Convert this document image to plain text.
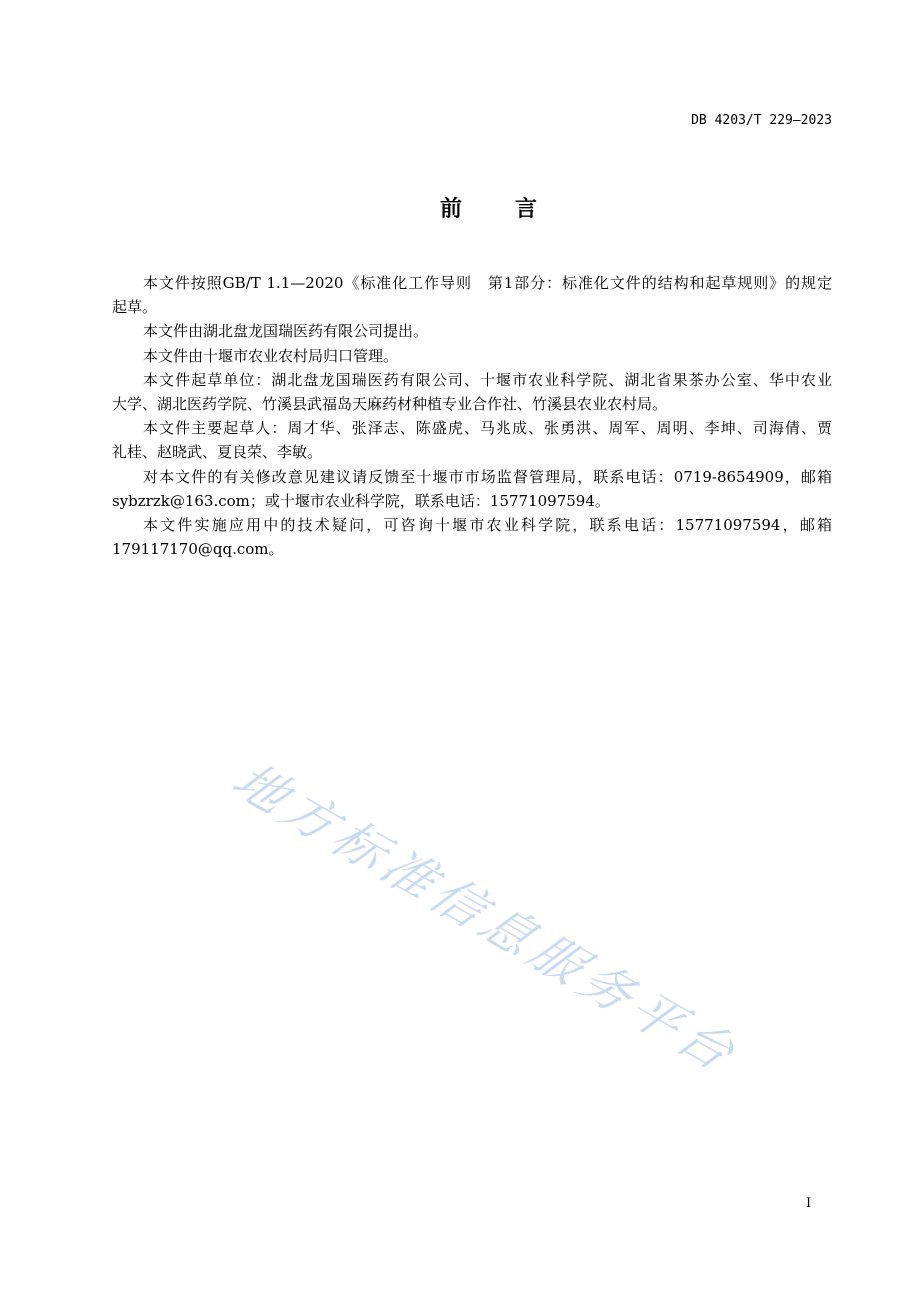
DB 4203/T 229—2023
前　言
本文件按照GB/T 1.1—2020《标准化工作导则　第1部分：标准化文件的结构和起草规则》的规定
起草。
本文件由湖北盘龙国瑞医药有限公司提出。
本文件由十堰市农业农村局归口管理。
本文件起草单位：湖北盘龙国瑞医药有限公司、十堰市农业科学院、湖北省果茶办公室、华中农业
大学、湖北医药学院、竹溪县武福岛天麻药材种植专业合作社、竹溪县农业农村局。
本文件主要起草人：周才华、张泽志、陈盛虎、马兆成、张勇洪、周军、周明、李坤、司海倩、贾
礼桂、赵晓武、夏良荣、李敏。
对本文件的有关修改意见建议请反馈至十堰市市场监督管理局，联系电话：0719-8654909，邮箱
sybzrzk@163.com；或十堰市农业科学院，联系电话：15771097594。
本文件实施应用中的技术疑问，可咨询十堰市农业科学院，联系电话：15771097594，邮箱
179117170@qq.com。
地方标准信息服务平台
I
